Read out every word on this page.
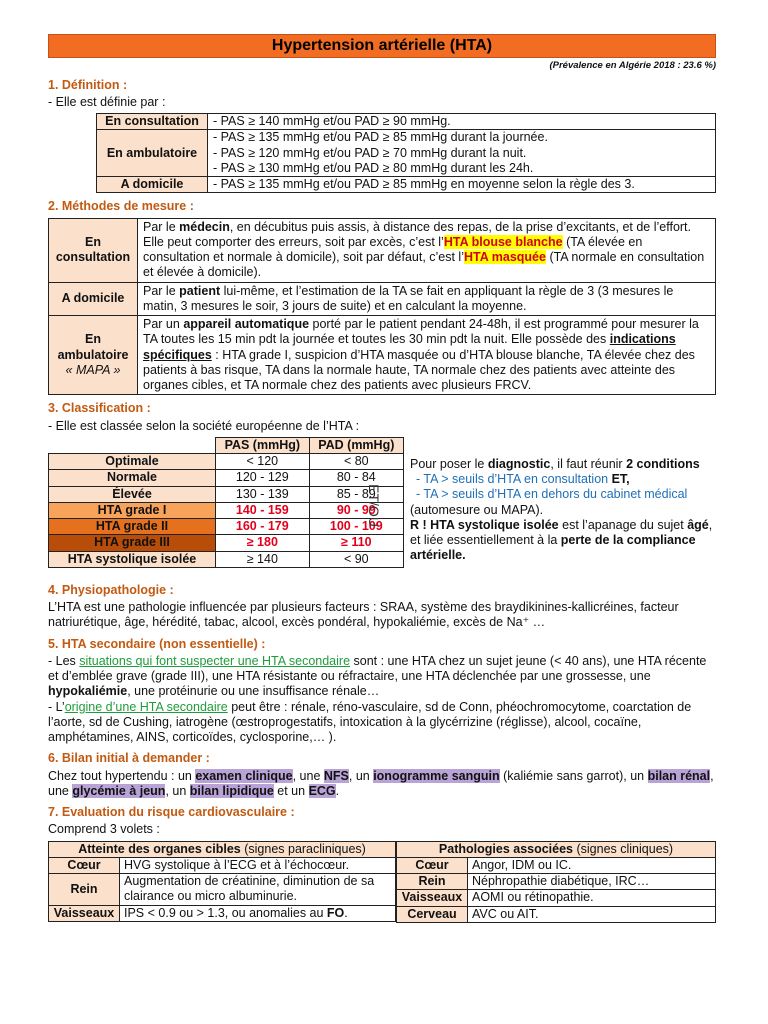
Hypertension artérielle (HTA)
(Prévalence en Algérie 2018 : 23.6 %)
1. Définition :

- Elle est définie par :

En consultation	- PAS ≥ 140 mmHg et/ou PAD ≥ 90 mmHg.
En ambulatoire	- PAS ≥ 135 mmHg et/ou PAD ≥ 85 mmHg durant la journée.
- PAS ≥ 120 mmHg et/ou PAD ≥ 70 mmHg durant la nuit.
- PAS ≥ 130 mmHg et/ou PAD ≥ 80 mmHg durant les 24h.

A domicile	- PAS ≥ 135 mmHg et/ou PAD ≥ 85 mmHg en moyenne selon la règle des 3.
2. Méthodes de mesure :
En consultation	Par le médecin, en décubitus puis assis, à distance des repas, de la prise d’excitants, et de l’effort. Elle peut comporter des erreurs, soit par excès, c’est l’HTA blouse blanche (TA élevée en consultation et normale à domicile), soit par défaut, c’est l’HTA masquée (TA normale en consultation et élevée à domicile).
A domicile	Par le patient lui-même, et l’estimation de la TA se fait en appliquant la règle de 3 (3 mesures le matin, 3 mesures le soir, 3 jours de suite) et en calculant la moyenne.

En ambulatoire
« MAPA »	Par un appareil automatique porté par le patient pendant 24-48h, il est programmé pour mesurer la TA toutes les 15 min pdt la journée et toutes les 30 min pdt la nuit. Elle possède des indications spécifiques : HTA grade I, suspicion d’HTA masquée ou d’HTA blouse blanche, TA élevée chez des patients à bas risque, TA dans la normale haute, TA normale chez des patients avec atteinte des organes cibles, et TA normale chez des patients avec plusieurs FRCV.
3. Classification :

- Elle est classée selon la société européenne de l’HTA :

	PAS (mmHg)	PAD (mmHg)
Optimale	< 120	< 80
Normale	120 - 129	80 - 84
Élevée	130 - 139	85 - 89
HTA grade I	140 - 159	90 - 99
HTA grade II	160 - 179	100 - 109
HTA grade III	≥ 180	≥ 110
HTA systolique isolée	≥ 140	< 90
ET/OU
Pour poser le diagnostic, il faut réunir 2 conditions
- TA > seuils d’HTA en consultation ET,
- TA > seuils d’HTA en dehors du cabinet médical
(automesure ou MAPA).
R ! HTA systolique isolée est l’apanage du sujet âgé, et liée essentiellement à la perte de la compliance artérielle.
4. Physiopathologie :

L’HTA est une pathologie influencée par plusieurs facteurs : SRAA, système des braydikinines-kallicréines, facteur natriurétique, âge, hérédité, tabac, alcool, excès pondéral, hypokaliémie, excès de Na⁺ …

5. HTA secondaire (non essentielle) :

- Les situations qui font suspecter une HTA secondaire sont : une HTA chez un sujet jeune (< 40 ans), une HTA récente et d’emblée grave (grade III), une HTA résistante ou réfractaire, une HTA déclenchée par une grossesse, une hypokaliémie, une protéinurie ou une insuffisance rénale…

- L’origine d’une HTA secondaire peut être : rénale, réno-vasculaire, sd de Conn, phéochromocytome, coarctation de l’aorte, sd de Cushing, iatrogène (œstroprogestatifs, intoxication à la glycérrizine (réglisse), alcool, cocaïne, amphétamines, AINS, corticoïdes, cyclosporine,… ).

6. Bilan initial à demander :

Chez tout hypertendu : un examen clinique, une NFS, un ionogramme sanguin (kaliémie sans garrot), un bilan rénal, une glycémie à jeun, un bilan lipidique et un ECG.

7. Evaluation du risque cardiovasculaire :

Comprend 3 volets :

Atteinte des organes cibles (signes paracliniques)	
Cœur	HVG systolique à l’ECG et à l’échocœur.
Rein	Augmentation de créatinine, diminution de sa clairance ou micro albuminurie.
Vaisseaux	IPS < 0.9 ou > 1.3, ou anomalies au FO.
Pathologies associées (signes cliniques)	
Cœur	Angor, IDM ou IC.
Rein	Néphropathie diabétique, IRC…
Vaisseaux	AOMI ou rétinopathie.
Cerveau	AVC ou AIT.
